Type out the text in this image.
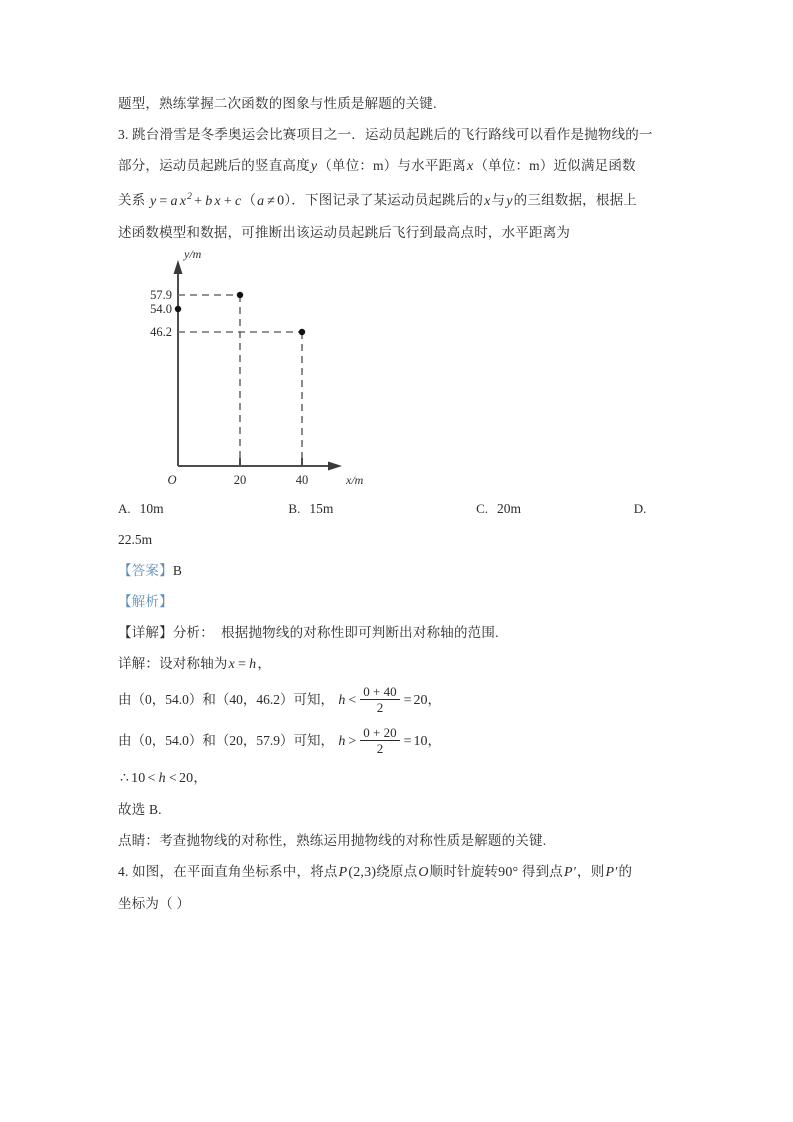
题型，熟练掌握二次函数的图象与性质是解题的关键.
3. 跳台滑雪是冬季奥运会比赛项目之一．运动员起跳后的飞行路线可以看作是抛物线的一
部分，运动员起跳后的竖直高度y（单位：m）与水平距离x（单位：m）近似满足函数
关系 y = a $x^2 + b$ x + c（a ≠ 0）．下图记录了某运动员起跳后的x与y的三组数据，根据上
述函数模型和数据，可推断出该运动员起跳后飞行到最高点时，水平距离为
57.9
54.0
46.2
20	40
O
y/m
x/m
A. 10m	B. 15m	C. 20m	D.
22.5m
【答案】B
【解析】
【详解】分析： 根据抛物线的对称性即可判断出对称轴的范围.
详解：设对称轴为x = h，
由（0，54.0）和（40，46.2）可知， $h < \frac{0 + 40}{2} = 20$，
由（0，54.0）和（20，57.9）可知， $h > \frac{0 + 20}{2} = 10$，
∴ 10 < h < 20，
故选 B.
点睛：考查抛物线的对称性，熟练运用抛物线的对称性质是解题的关键.
4. 如图，在平面直角坐标系中，将点P(2,3)绕原点O顺时针旋转90° 得到点P′，则P′的
坐标为（ ）
